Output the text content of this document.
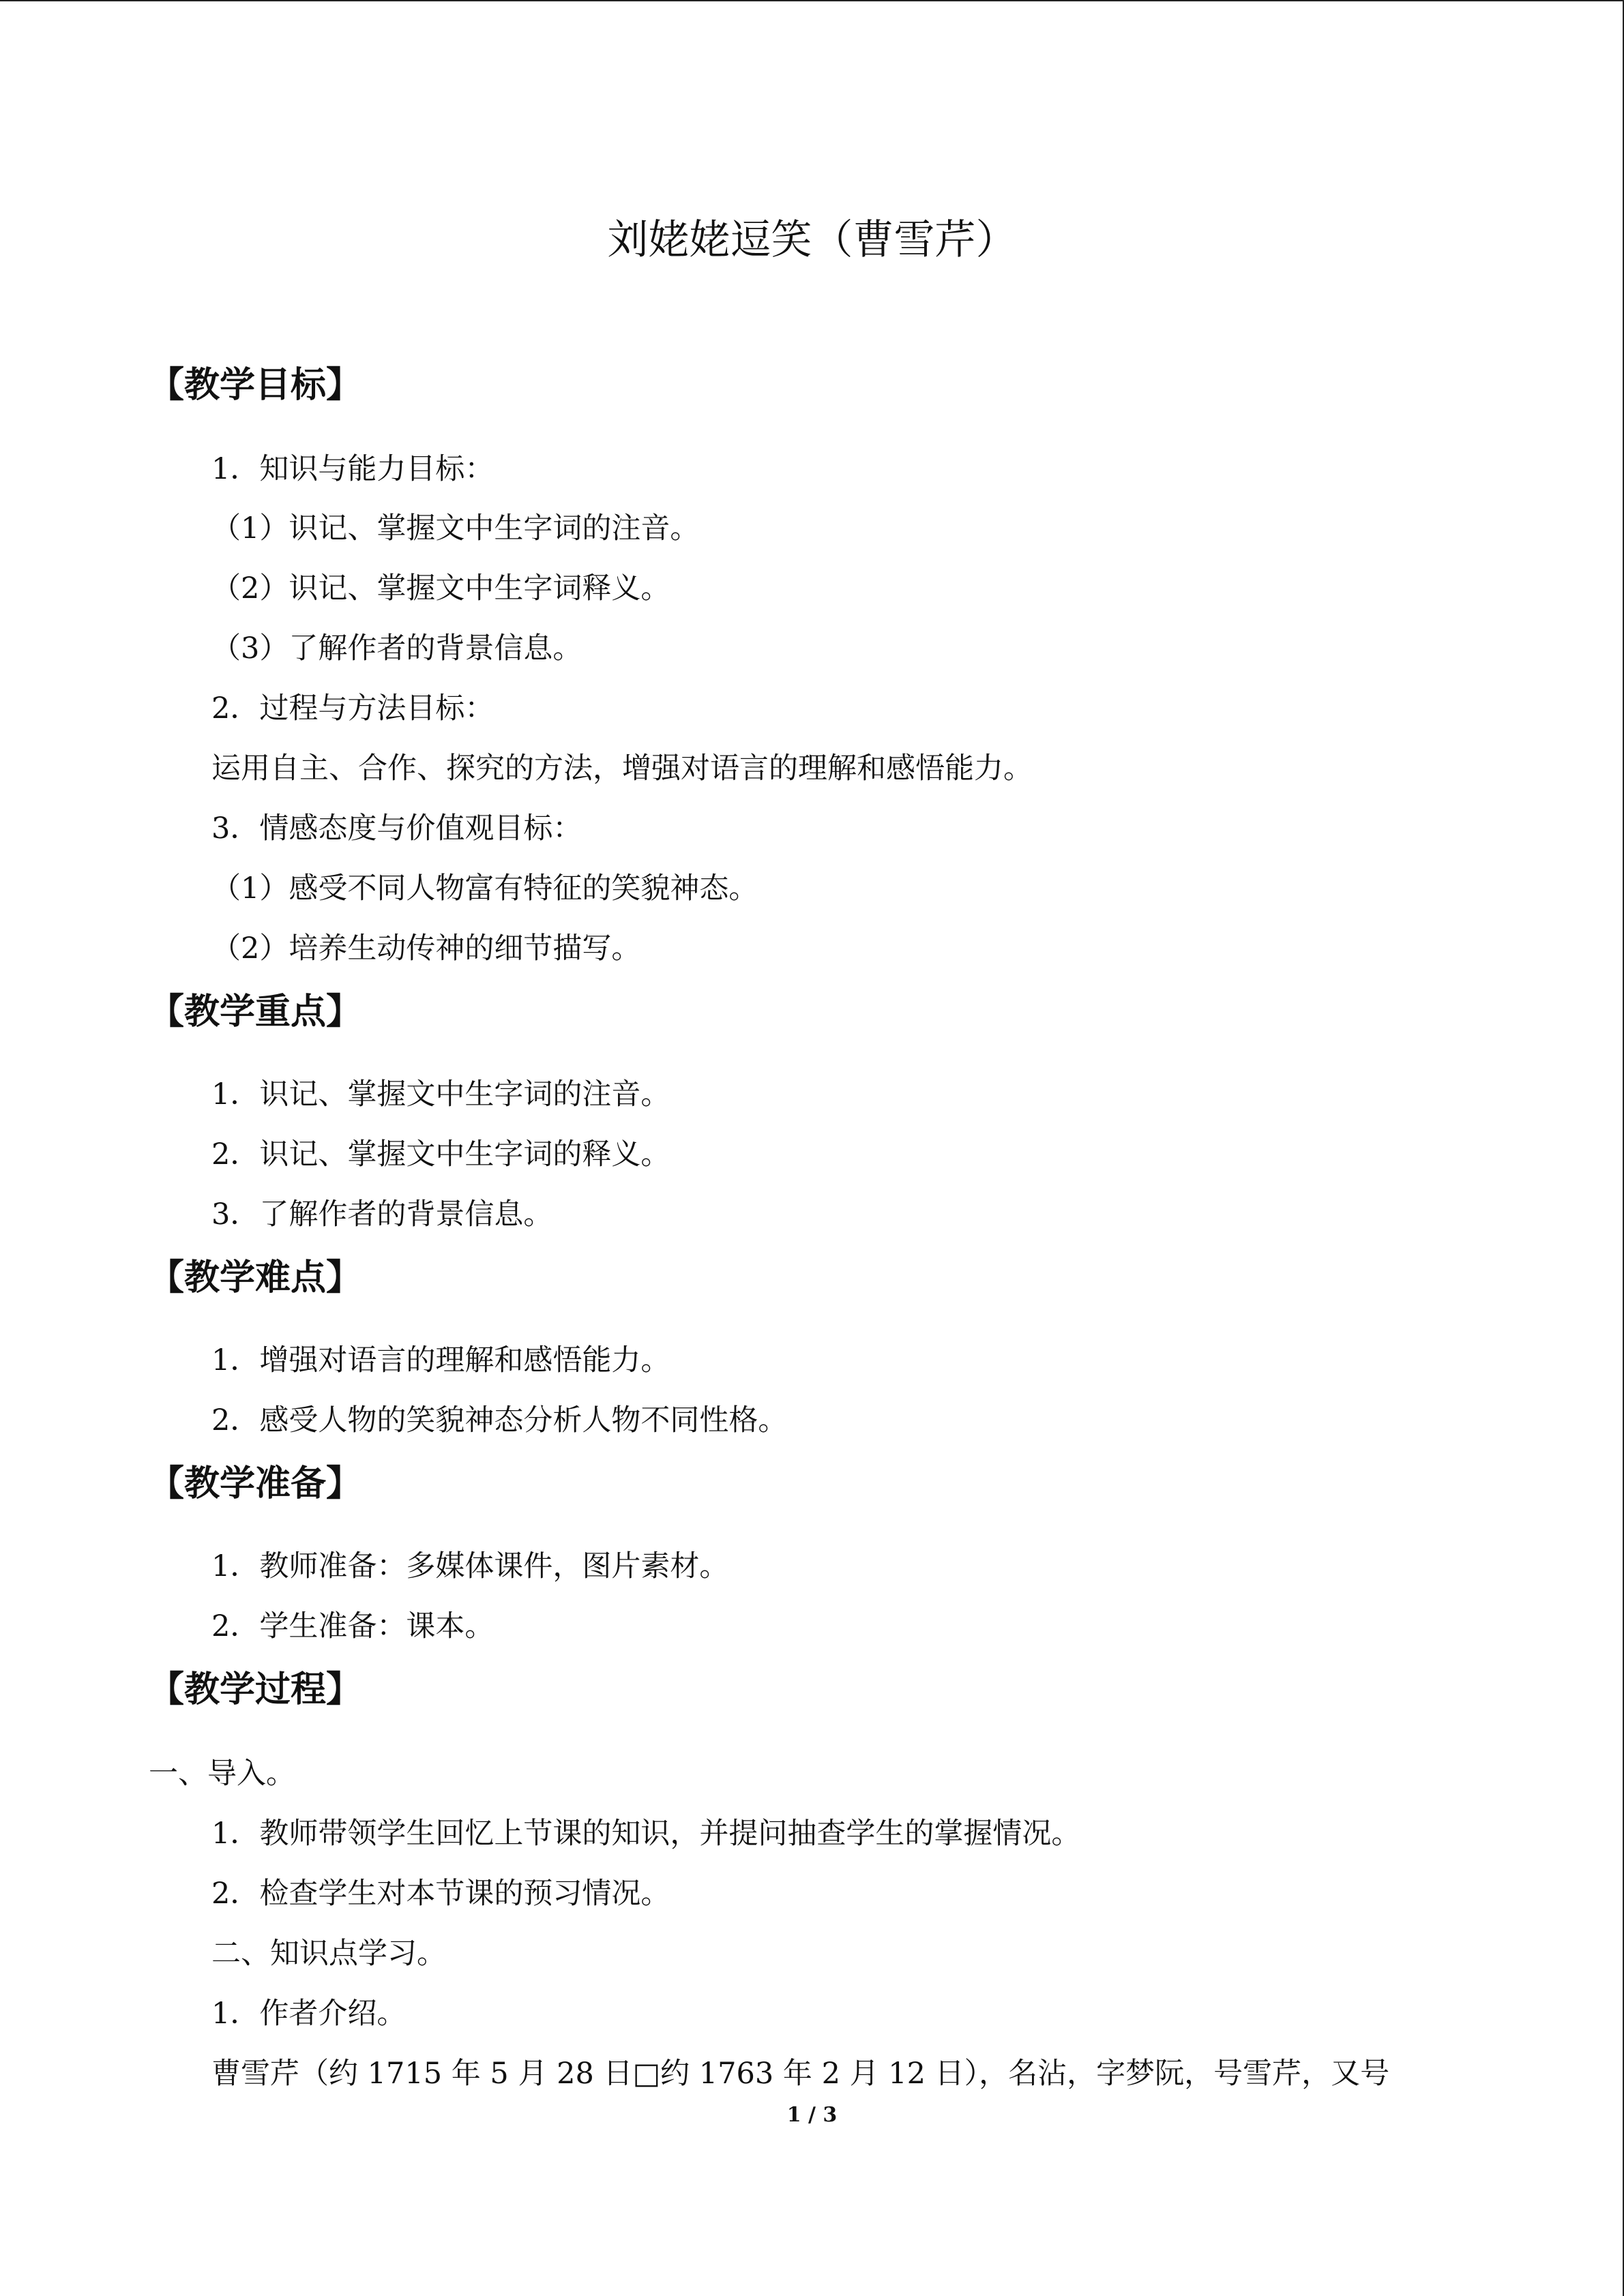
刘姥姥逗笑（曹雪芹）
【教学目标】
1．知识与能力目标：
（1）识记、掌握文中生字词的注音。
（2）识记、掌握文中生字词释义。
（3）了解作者的背景信息。
2．过程与方法目标：
运用自主、合作、探究的方法，增强对语言的理解和感悟能力。
3．情感态度与价值观目标：
（1）感受不同人物富有特征的笑貌神态。
（2）培养生动传神的细节描写。
【教学重点】
1．识记、掌握文中生字词的注音。
2．识记、掌握文中生字词的释义。
3．了解作者的背景信息。
【教学难点】
1．增强对语言的理解和感悟能力。
2．感受人物的笑貌神态分析人物不同性格。
【教学准备】
1．教师准备：多媒体课件，图片素材。
2．学生准备：课本。
【教学过程】
一、导入。
1．教师带领学生回忆上节课的知识，并提问抽查学生的掌握情况。
2．检查学生对本节课的预习情况。
二、知识点学习。
1．作者介绍。
曹雪芹（约 1715 年 5 月 28 日□约 1763 年 2 月 12 日），名沾，字梦阮，号雪芹，又号
1 / 3
